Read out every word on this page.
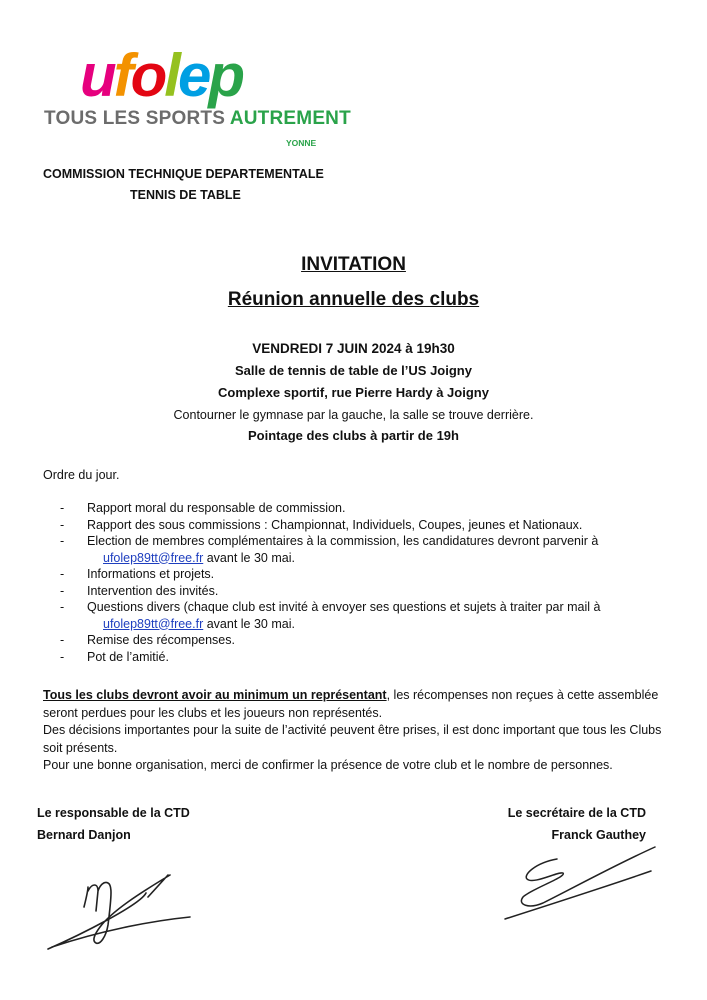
ufolep
TOUS LES SPORTS AUTREMENT
YONNE
COMMISSION TECHNIQUE DEPARTEMENTALE
TENNIS DE TABLE
INVITATION
Réunion annuelle des clubs
VENDREDI 7 JUIN 2024 à 19h30
Salle de tennis de table de l’US Joigny
Complexe sportif, rue Pierre Hardy à Joigny
Contourner le gymnase par la gauche, la salle se trouve derrière.
Pointage des clubs à partir de 19h
Ordre du jour.
-	Rapport moral du responsable de commission.
-	Rapport des sous commissions : Championnat, Individuels, Coupes, jeunes et Nationaux.
-	Election de membres complémentaires à la commission, les candidatures devront parvenir à
ufolep89tt@free.fr avant le 30 mai.
-	Informations et projets.
-	Intervention des invités.
-	Questions divers (chaque club est invité à envoyer ses questions et sujets à traiter par mail à
ufolep89tt@free.fr avant le 30 mai.
-	Remise des récompenses.
-	Pot de l’amitié.
Tous les clubs devront avoir au minimum un représentant, les récompenses non reçues à cette assemblée seront perdues pour les clubs et les joueurs non représentés.
Des décisions importantes pour la suite de l’activité peuvent être prises, il est donc important que tous les Clubs soit présents.
Pour une bonne organisation, merci de confirmer la présence de votre club et le nombre de personnes.
Le responsable de la CTD
Bernard Danjon
Le secrétaire de la CTD
Franck Gauthey
